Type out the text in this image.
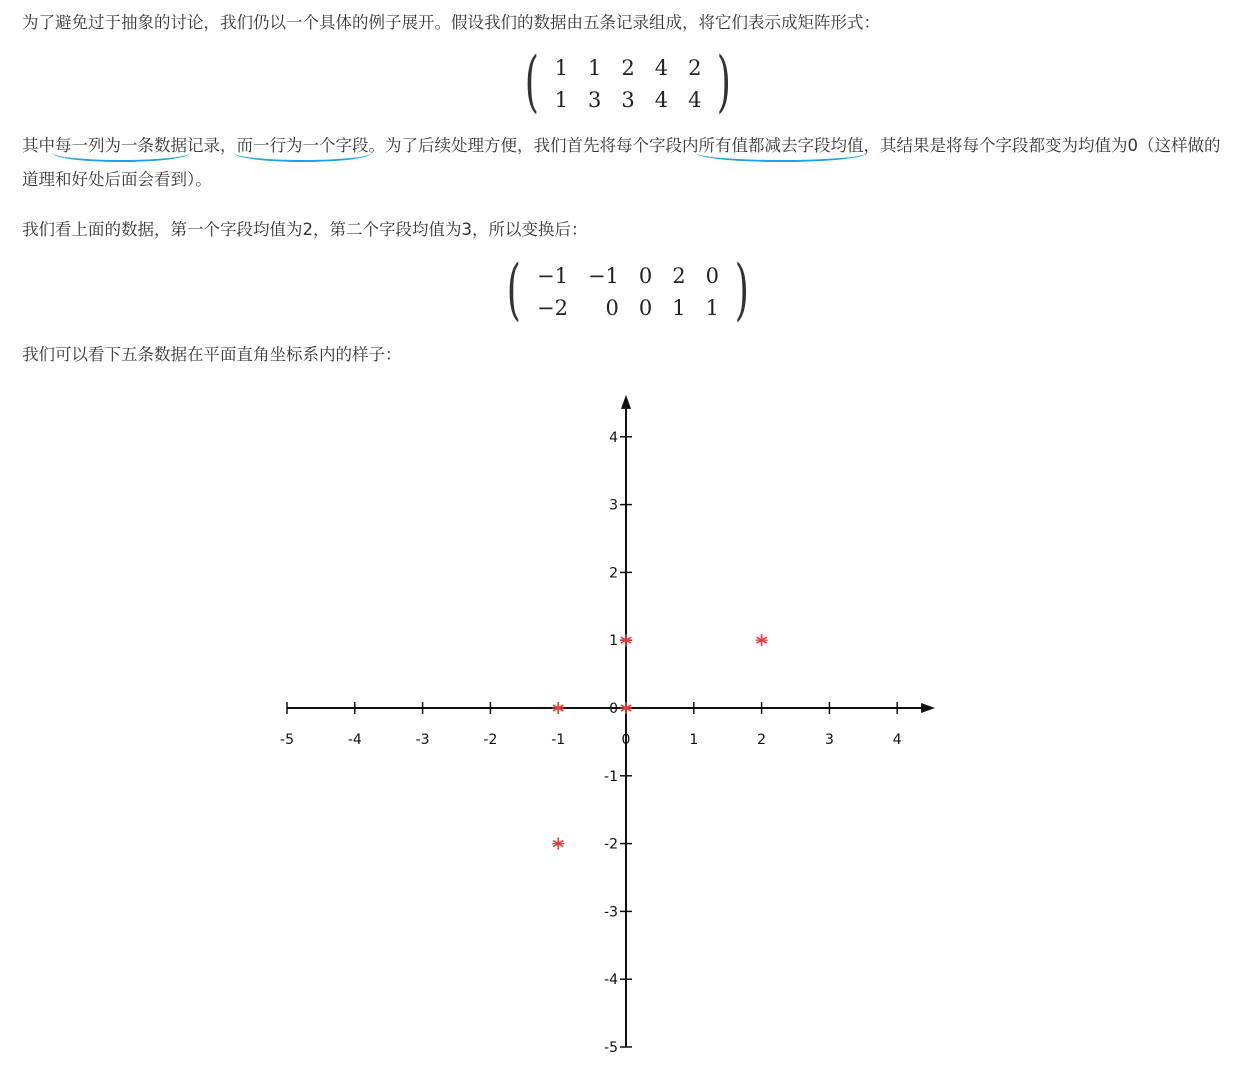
为了避免过于抽象的讨论，我们仍以一个具体的例子展开。假设我们的数据由五条记录组成，将它们表示成矩阵形式：

( 1	1	2	4	2
1	3	3	4	4 )

其中每一列为一条数据记录，而一行为一个字段。为了后续处理方便，我们首先将每个字段内所有值都减去字段均值，其结果是将每个字段都变为均值为0（这样做的道理和好处后面会看到）。

我们看上面的数据，第一个字段均值为2，第二个字段均值为3，所以变换后：

( −1	−1	0	2	0
−2	0	0	1	1 )

我们可以看下五条数据在平面直角坐标系内的样子：

-5	-4	-3	-2	-1	0	1	2	3	4
-5
-4
-3
-2
-1
1
2
3
4
0
